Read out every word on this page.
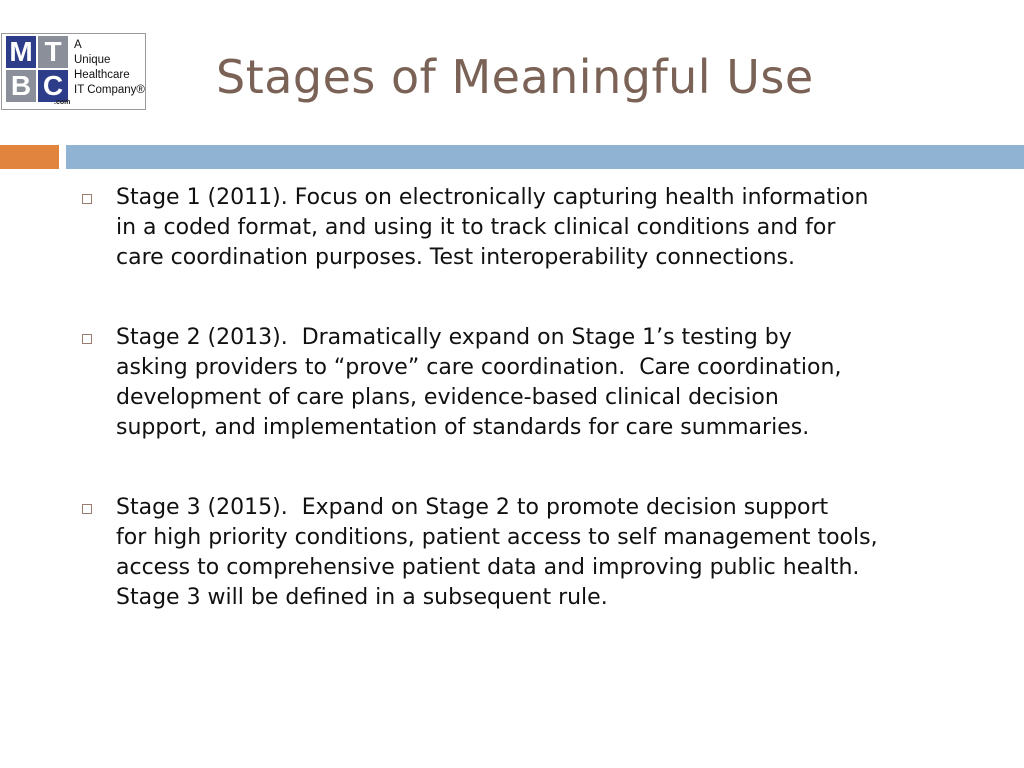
M T
B C
.com
A
Unique
Healthcare
IT Company® Stages of Meaningful Use
Stage 1 (2011). Focus on electronically capturing health information
in a coded format, and using it to track clinical conditions and for
care coordination purposes. Test interoperability connections.
Stage 2 (2013).  Dramatically expand on Stage 1’s testing by
asking providers to “prove” care coordination.  Care coordination,
development of care plans, evidence-based clinical decision
support, and implementation of standards for care summaries.
Stage 3 (2015).  Expand on Stage 2 to promote decision support
for high priority conditions, patient access to self management tools,
access to comprehensive patient data and improving public health.
Stage 3 will be defined in a subsequent rule.
